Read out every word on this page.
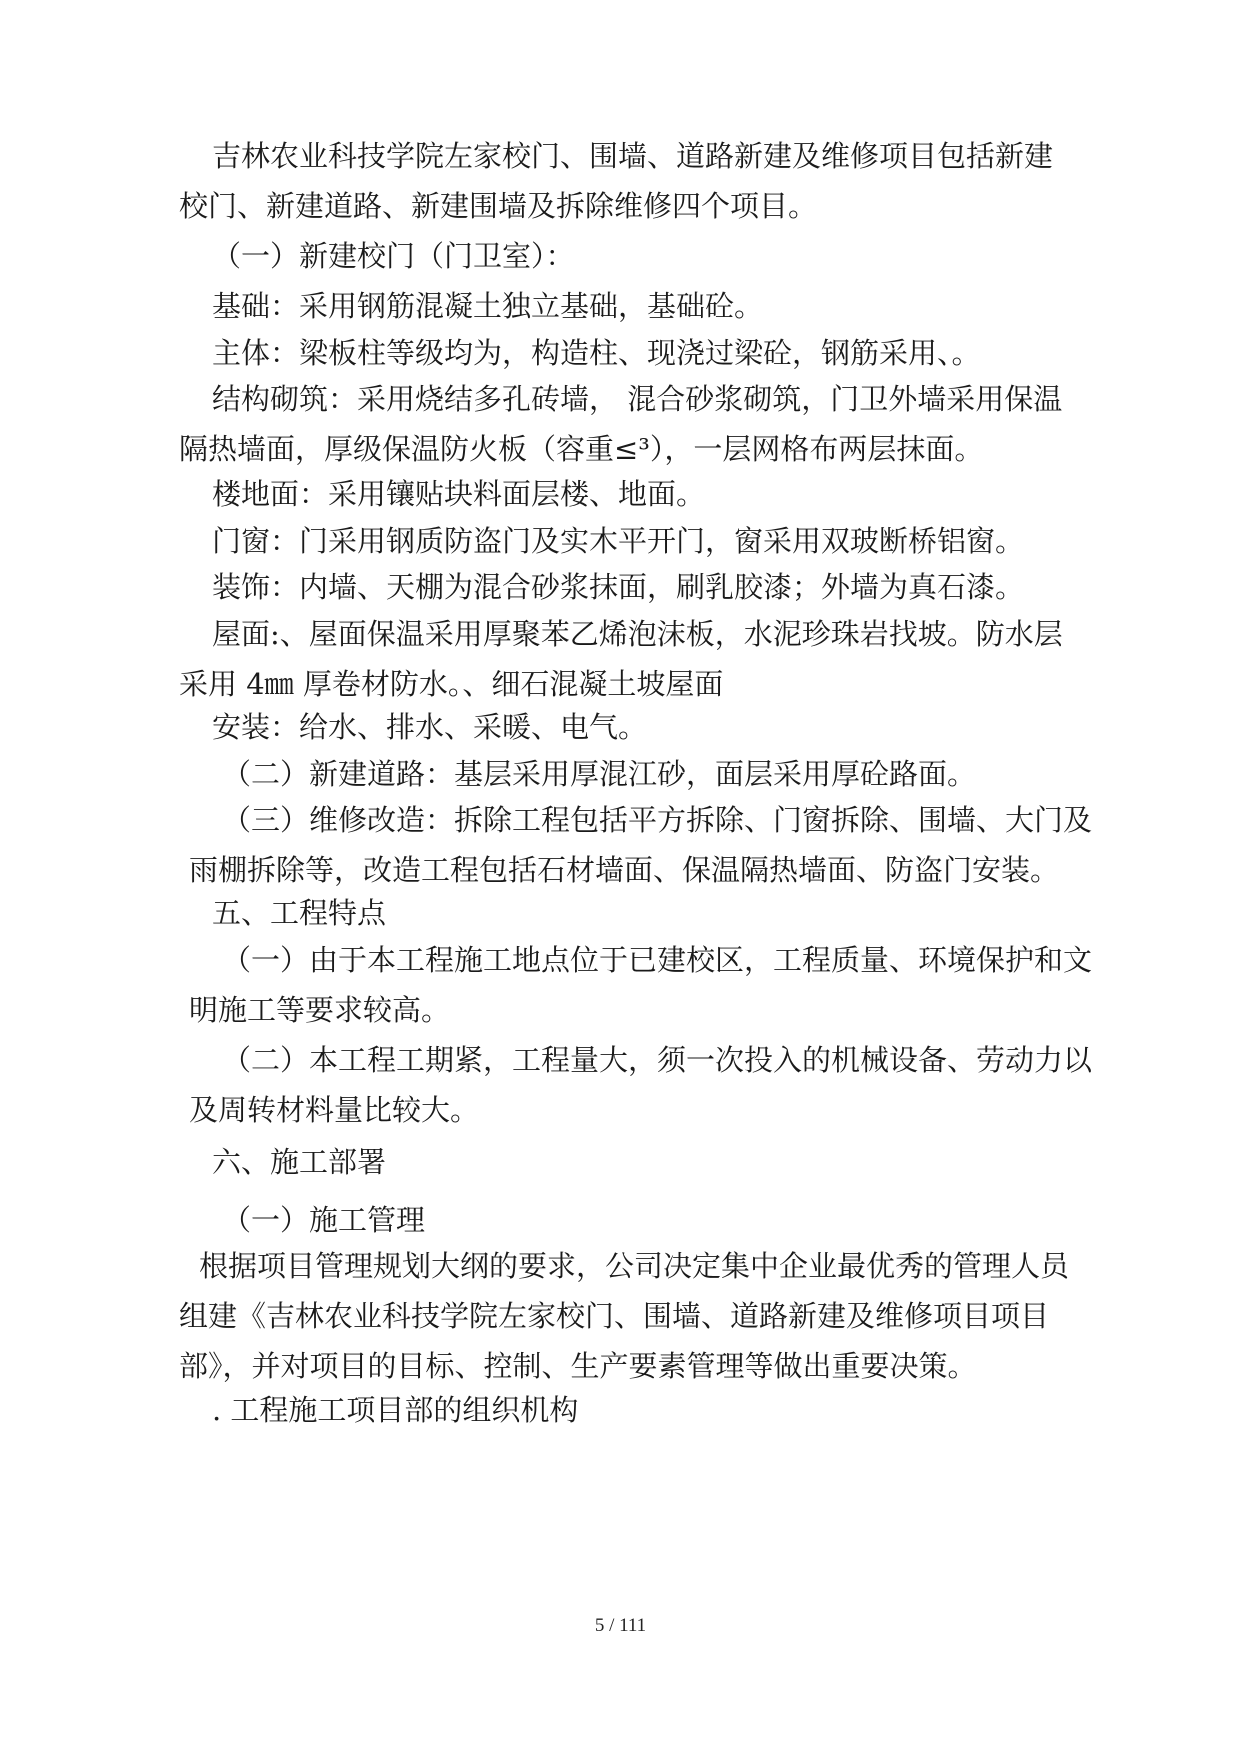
吉林农业科技学院左家校门、围墙、道路新建及维修项目包括新建
校门、新建道路、新建围墙及拆除维修四个项目。
（一）新建校门（门卫室）：
基础：采用钢筋混凝土独立基础，基础砼。
主体：梁板柱等级均为，构造柱、现浇过梁砼，钢筋采用、。
结构砌筑：采用烧结多孔砖墙， 混合砂浆砌筑，门卫外墙采用保温
隔热墙面，厚级保温防火板（容重≤³），一层网格布两层抹面。
楼地面：采用镶贴块料面层楼、地面。
门窗：门采用钢质防盗门及实木平开门，窗采用双玻断桥铝窗。
装饰：内墙、天棚为混合砂浆抹面，刷乳胶漆；外墙为真石漆。
屋面:、屋面保温采用厚聚苯乙烯泡沫板，水泥珍珠岩找坡。防水层
采用 4㎜ 厚卷材防水。、细石混凝土坡屋面
安装：给水、排水、采暖、电气。
（二）新建道路：基层采用厚混江砂，面层采用厚砼路面。
（三）维修改造：拆除工程包括平方拆除、门窗拆除、围墙、大门及
雨棚拆除等，改造工程包括石材墙面、保温隔热墙面、防盗门安装。
五、工程特点
（一）由于本工程施工地点位于已建校区，工程质量、环境保护和文
明施工等要求较高。
（二）本工程工期紧，工程量大，须一次投入的机械设备、劳动力以
及周转材料量比较大。
六、施工部署
（一）施工管理
根据项目管理规划大纲的要求，公司决定集中企业最优秀的管理人员
组建《吉林农业科技学院左家校门、围墙、道路新建及维修项目项目
部》，并对项目的目标、控制、生产要素管理等做出重要决策。
. 工程施工项目部的组织机构
5 / 111
